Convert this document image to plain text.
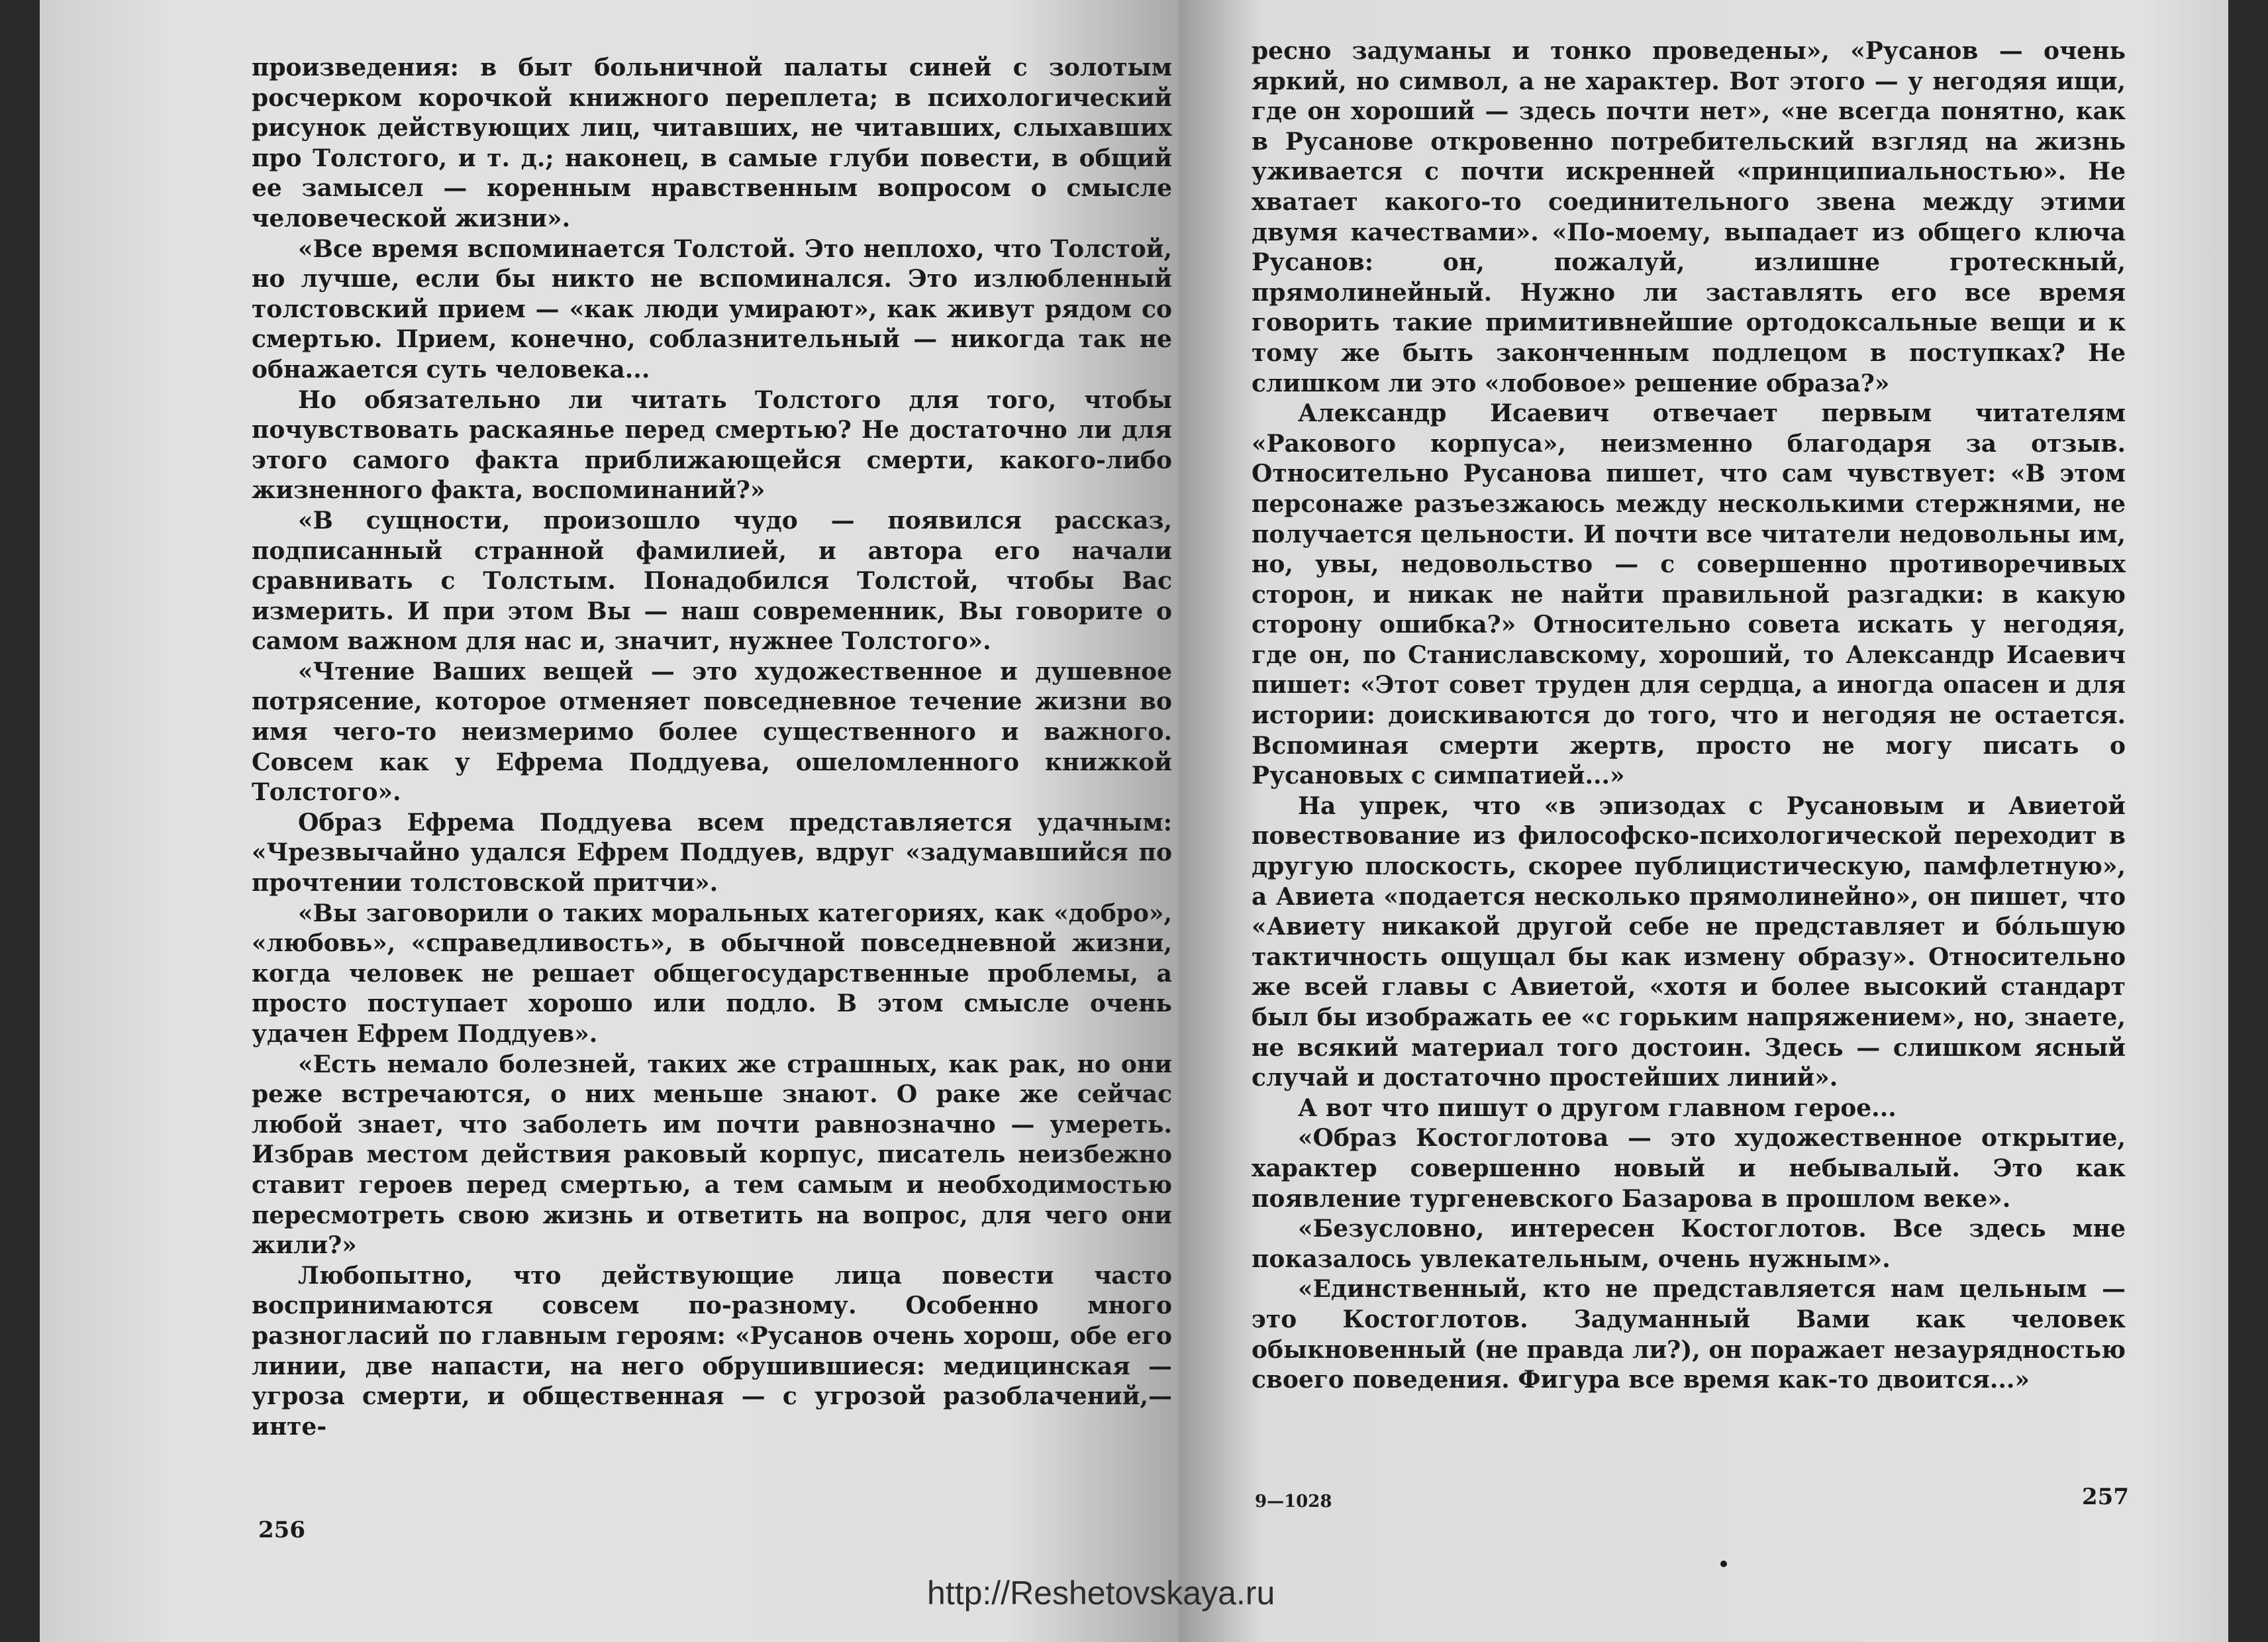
произведения: в быт больничной палаты синей с золотым росчерком корочкой книжного переплета; в психологический рисунок действующих лиц, читавших, не читавших, слыхавших про Толстого, и т. д.; наконец, в самые глуби повести, в общий ее замысел — коренным нравственным вопросом о смысле человеческой жизни».

«Все время вспоминается Толстой. Это неплохо, что Толстой, но лучше, если бы никто не вспоминался. Это излюбленный толстовский прием — «как люди умирают», как живут рядом со смертью. Прием, конечно, соблазнительный — никогда так не обнажается суть человека...

Но обязательно ли читать Толстого для того, чтобы почувствовать раскаянье перед смертью? Не достаточно ли для этого самого факта приближающейся смерти, какого-либо жизненного факта, воспоминаний?»

«В сущности, произошло чудо — появился рассказ, подписанный странной фамилией, и автора его начали сравнивать с Толстым. Понадобился Толстой, чтобы Вас измерить. И при этом Вы — наш современник, Вы говорите о самом важном для нас и, значит, нужнее Толстого».

«Чтение Ваших вещей — это художественное и душевное потрясение, которое отменяет повседневное течение жизни во имя чего-то неизмеримо более существенного и важного. Совсем как у Ефрема Поддуева, ошеломленного книжкой Толстого».

Образ Ефрема Поддуева всем представляется удачным: «Чрезвычайно удался Ефрем Поддуев, вдруг «задумавшийся по прочтении толстовской притчи».

«Вы заговорили о таких моральных категориях, как «добро», «любовь», «справедливость», в обычной повседневной жизни, когда человек не решает общегосударственные проблемы, а просто поступает хорошо или подло. В этом смысле очень удачен Ефрем Поддуев».

«Есть немало болезней, таких же страшных, как рак, но они реже встречаются, о них меньше знают. О раке же сейчас любой знает, что заболеть им почти равнозначно — умереть. Избрав местом действия раковый корпус, писатель неизбежно ставит героев перед смертью, а тем самым и необходимостью пересмотреть свою жизнь и ответить на вопрос, для чего они жили?»

Любопытно, что действующие лица повести часто воспринимаются совсем по-разному. Особенно много разногласий по главным героям: «Русанов очень хорош, обе его линии, две напасти, на него обрушившиеся: медицинская — угроза смерти, и общественная — с угрозой разоблачений,— инте-

256

ресно задуманы и тонко проведены», «Русанов — очень яркий, но символ, а не характер. Вот этого — у негодяя ищи, где он хороший — здесь почти нет», «не всегда понятно, как в Русанове откровенно потребительский взгляд на жизнь уживается с почти искренней «принципиальностью». Не хватает какого-то соединительного звена между этими двумя качествами». «По-моему, выпадает из общего ключа Русанов: он, пожалуй, излишне гротескный, прямолинейный. Нужно ли заставлять его все время говорить такие примитивнейшие ортодоксальные вещи и к тому же быть законченным подлецом в поступках? Не слишком ли это «лобовое» решение образа?»

Александр Исаевич отвечает первым читателям «Ракового корпуса», неизменно благодаря за отзыв. Относительно Русанова пишет, что сам чувствует: «В этом персонаже разъезжаюсь между несколькими стержнями, не получается цельности. И почти все читатели недовольны им, но, увы, недовольство — с совершенно противоречивых сторон, и никак не найти правильной разгадки: в какую сторону ошибка?» Относительно совета искать у негодяя, где он, по Станиславскому, хороший, то Александр Исаевич пишет: «Этот совет труден для сердца, а иногда опасен и для истории: доискиваются до того, что и негодяя не остается. Вспоминая смерти жертв, просто не могу писать о Русановых с симпатией...»

На упрек, что «в эпизодах с Русановым и Авиетой повествование из философско-психологической переходит в другую плоскость, скорее публицистическую, памфлетную», а Авиета «подается несколько прямолинейно», он пишет, что «Авиету никакой другой себе не представляет и бо́льшую тактичность ощущал бы как измену образу». Относительно же всей главы с Авиетой, «хотя и более высокий стандарт был бы изображать ее «с горьким напряжением», но, знаете, не всякий материал того достоин. Здесь — слишком ясный случай и достаточно простейших линий».

А вот что пишут о другом главном герое...

«Образ Костоглотова — это художественное открытие, характер совершенно новый и небывалый. Это как появление тургеневского Базарова в прошлом веке».

«Безусловно, интересен Костоглотов. Все здесь мне показалось увлекательным, очень нужным».

«Единственный, кто не представляется нам цельным — это Костоглотов. Задуманный Вами как человек обыкновенный (не правда ли?), он поражает незаурядностью своего поведения. Фигура все время как-то двоится...»

9—1028	257
http://Reshetovskaya.ru
